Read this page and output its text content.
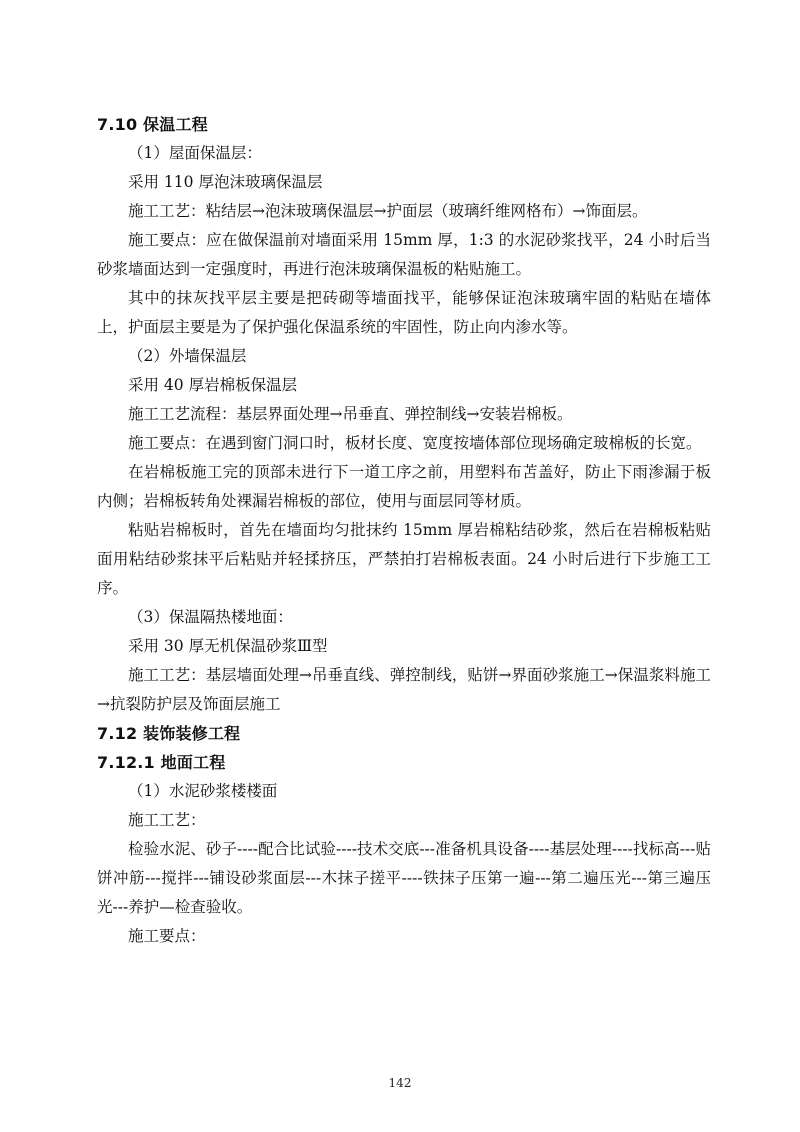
7.10 保温工程

（1）屋面保温层：

采用 110 厚泡沫玻璃保温层

施工工艺：粘结层→泡沫玻璃保温层→护面层（玻璃纤维网格布）→饰面层。

施工要点：应在做保温前对墙面采用 15mm 厚，1:3 的水泥砂浆找平，24 小时后当砂浆墙面达到一定强度时，再进行泡沫玻璃保温板的粘贴施工。

其中的抹灰找平层主要是把砖砌等墙面找平，能够保证泡沫玻璃牢固的粘贴在墙体上，护面层主要是为了保护强化保温系统的牢固性，防止向内渗水等。

（2）外墙保温层

采用 40 厚岩棉板保温层

施工工艺流程：基层界面处理→吊垂直、弹控制线→安装岩棉板。

施工要点：在遇到窗门洞口时，板材长度、宽度按墙体部位现场确定玻棉板的长宽。

在岩棉板施工完的顶部未进行下一道工序之前，用塑料布苫盖好，防止下雨渗漏于板内侧；岩棉板转角处裸漏岩棉板的部位，使用与面层同等材质。

粘贴岩棉板时，首先在墙面均匀批抹约 15mm 厚岩棉粘结砂浆，然后在岩棉板粘贴面用粘结砂浆抹平后粘贴并轻揉挤压，严禁拍打岩棉板表面。24 小时后进行下步施工工序。

（3）保温隔热楼地面：

采用 30 厚无机保温砂浆Ⅲ型

施工工艺：基层墙面处理→吊垂直线、弹控制线，贴饼→界面砂浆施工→保温浆料施工→抗裂防护层及饰面层施工

7.12 装饰装修工程
7.12.1 地面工程

（1）水泥砂浆楼楼面

施工工艺：

检验水泥、砂子----配合比试验----技术交底---准备机具设备----基层处理----找标高---贴饼冲筋---搅拌---铺设砂浆面层---木抹子搓平----铁抹子压第一遍---第二遍压光---第三遍压光---养护—检查验收。

施工要点：

142
